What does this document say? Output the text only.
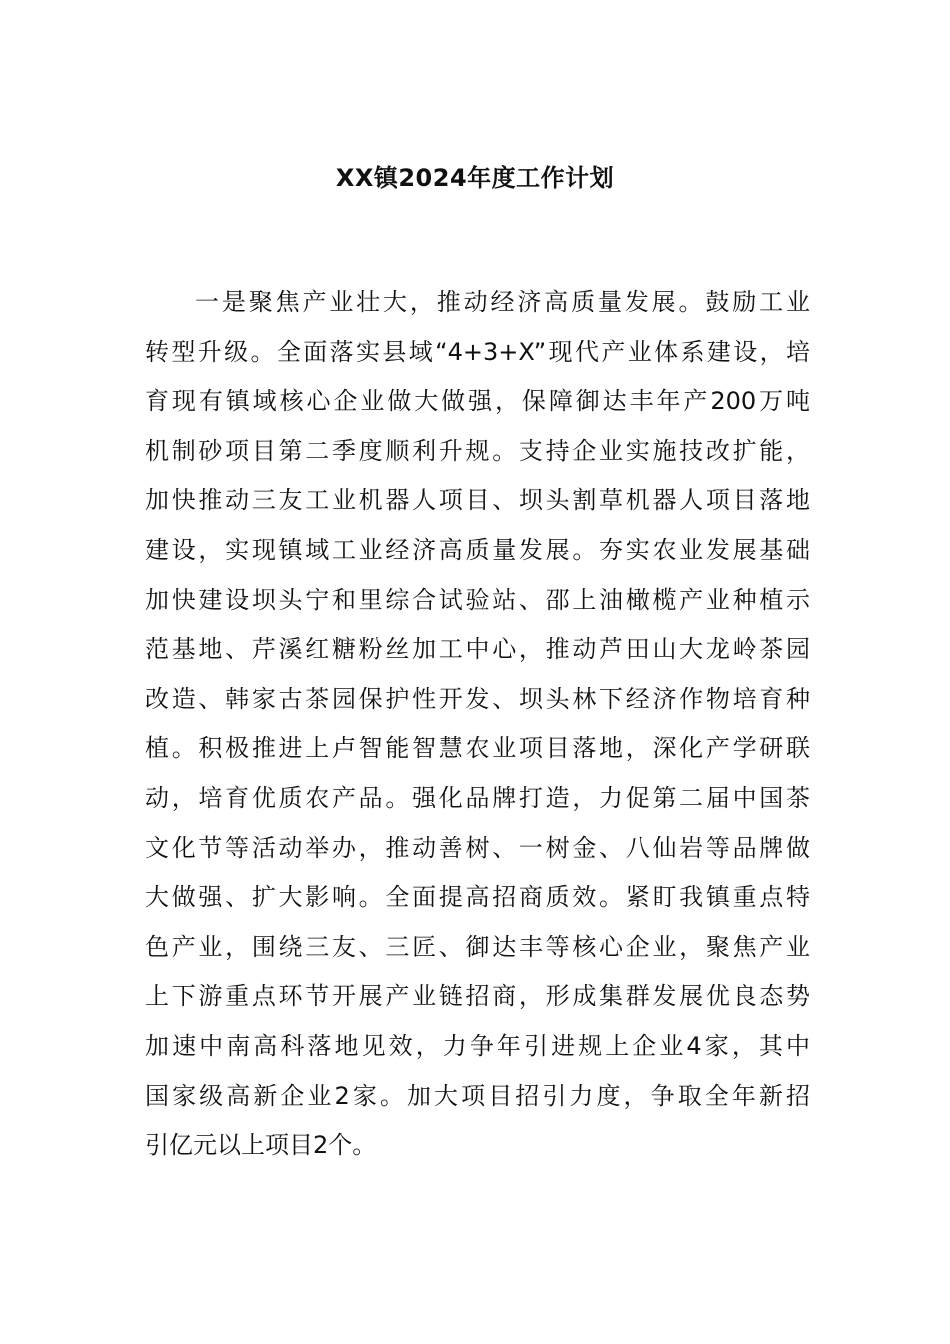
XX镇2024年度工作计划
一是聚焦产业壮大，推动经济高质量发展。鼓励工业
转型升级。全面落实县域“4+3+X”现代产业体系建设，培
育现有镇域核心企业做大做强，保障御达丰年产200万吨
机制砂项目第二季度顺利升规。支持企业实施技改扩能，
加快推动三友工业机器人项目、坝头割草机器人项目落地
建设，实现镇域工业经济高质量发展。夯实农业发展基础
加快建设坝头宁和里综合试验站、邵上油橄榄产业种植示
范基地、芹溪红糖粉丝加工中心，推动芦田山大龙岭茶园
改造、韩家古茶园保护性开发、坝头林下经济作物培育种
植。积极推进上卢智能智慧农业项目落地，深化产学研联
动，培育优质农产品。强化品牌打造，力促第二届中国茶
文化节等活动举办，推动善树、一树金、八仙岩等品牌做
大做强、扩大影响。全面提高招商质效。紧盯我镇重点特
色产业，围绕三友、三匠、御达丰等核心企业，聚焦产业
上下游重点环节开展产业链招商，形成集群发展优良态势
加速中南高科落地见效，力争年引进规上企业4家，其中
国家级高新企业2家。加大项目招引力度，争取全年新招
引亿元以上项目2个。
